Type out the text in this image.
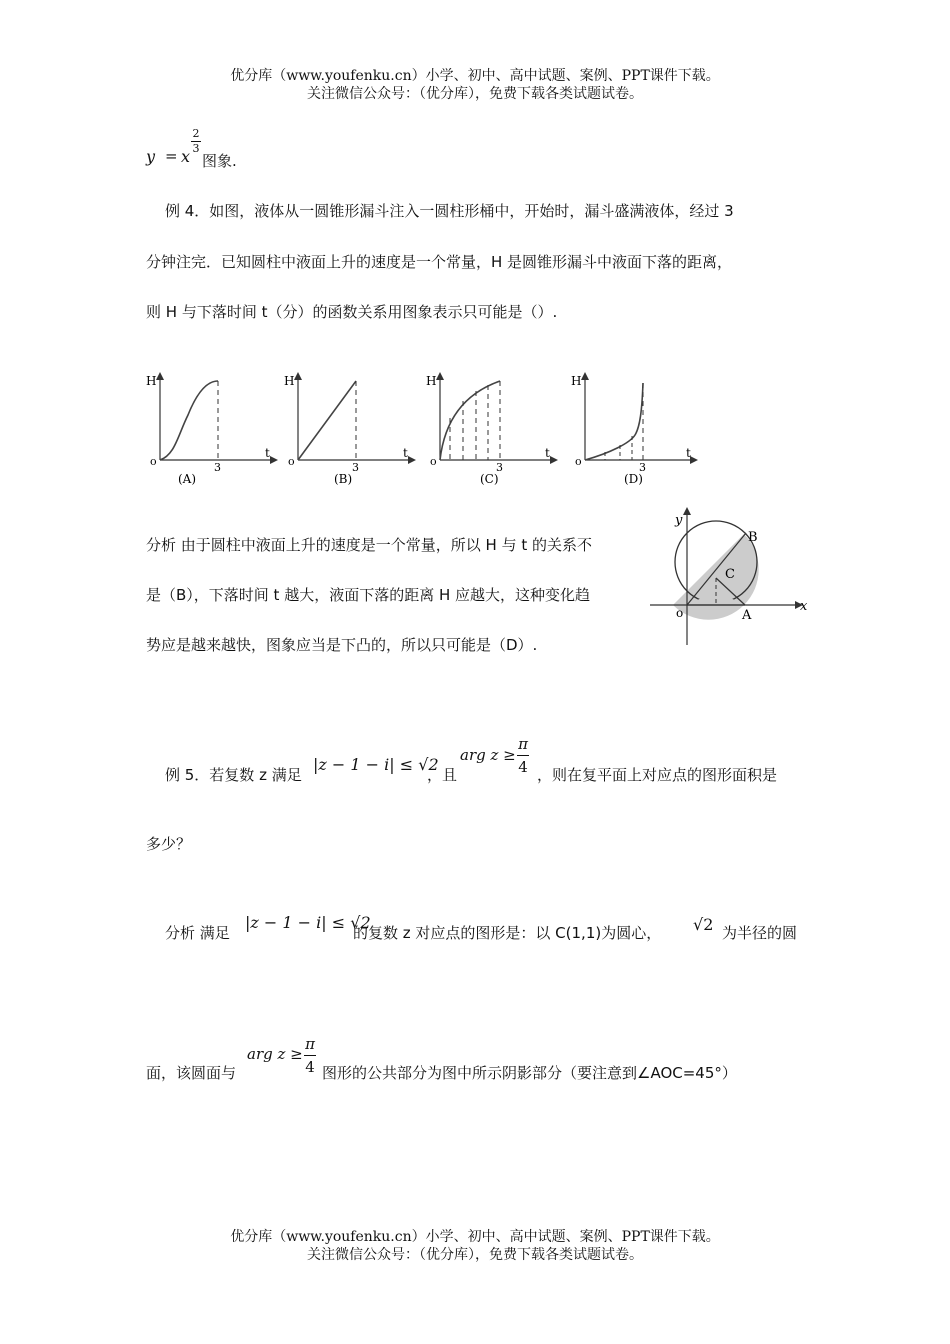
优分库（www.youfenku.cn）小学、初中、高中试题、案例、PPT课件下载。
关注微信公众号：（优分库），免费下载各类试题试卷。
y = x
2
3
图象.
例 4．如图，液体从一圆锥形漏斗注入一圆柱形桶中，开始时，漏斗盛满液体，经过 3
分钟注完．已知圆柱中液面上升的速度是一个常量，H 是圆锥形漏斗中液面下落的距离，
则 H 与下落时间 t（分）的函数关系用图象表示只可能是（）.
H
t
o	3
(A)
H
t
o	3
(B)
H
t
o	3
(C)
H
t
o	3
(D)
分析 由于圆柱中液面上升的速度是一个常量，所以 H 与 t 的关系不
是（B），下落时间 t 越大，液面下落的距离 H 应越大，这种变化趋
势应是越来越快，图象应当是下凸的，所以只可能是（D）.
y
x
o	A
B
C
例 5．若复数 z 满足
|z − 1 − i| ≤ √2
，且
arg z ≥
π
4 ，则在复平面上对应点的图形面积是
多少？
分析 满足
|z − 1 − i| ≤ √2
的复数 z 对应点的图形是：以 C(1,1)为圆心， √2 为半径的圆
面，该圆面与
arg z ≥
π
4 图形的公共部分为图中所示阴影部分（要注意到∠AOC=45°）
优分库（www.youfenku.cn）小学、初中、高中试题、案例、PPT课件下载。
关注微信公众号：（优分库），免费下载各类试题试卷。
